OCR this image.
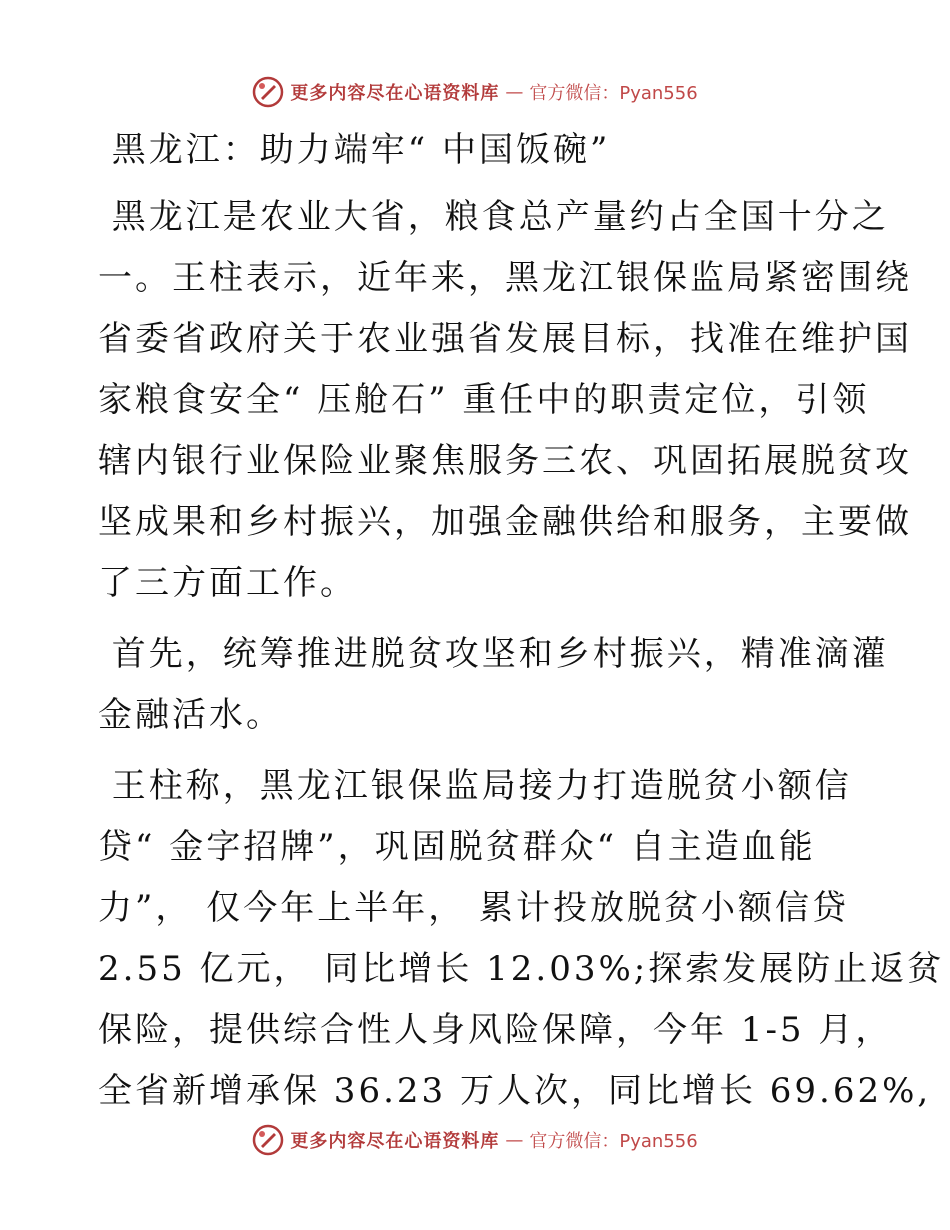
更多内容尽在心语资料库 — 官方微信：Pyan556
黑龙江：助力端牢“ 中国饭碗”
黑龙江是农业大省，粮食总产量约占全国十分之
一。王柱表示，近年来，黑龙江银保监局紧密围绕
省委省政府关于农业强省发展目标，找准在维护国
家粮食安全“ 压舱石” 重任中的职责定位，引领
辖内银行业保险业聚焦服务三农、巩固拓展脱贫攻
坚成果和乡村振兴，加强金融供给和服务，主要做
了三方面工作。
首先，统筹推进脱贫攻坚和乡村振兴，精准滴灌
金融活水。
王柱称，黑龙江银保监局接力打造脱贫小额信
贷“ 金字招牌”，巩固脱贫群众“ 自主造血能
力”， 仅今年上半年， 累计投放脱贫小额信贷
2.55 亿元， 同比增长 12.03%;探索发展防止返贫
保险，提供综合性人身风险保障，今年 1-5 月，
全省新增承保 36.23 万人次，同比增长 69.62%,
更多内容尽在心语资料库 — 官方微信：Pyan556
